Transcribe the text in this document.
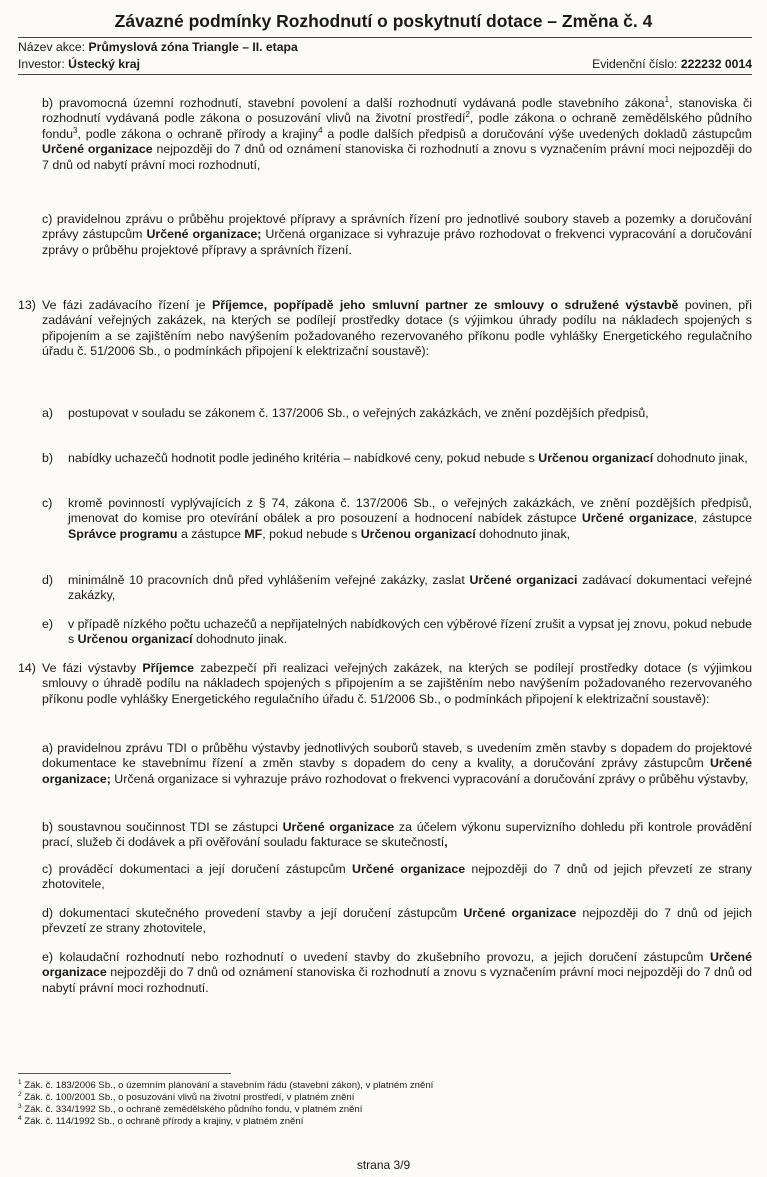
Závazné podmínky Rozhodnutí o poskytnutí dotace – Změna č. 4
Název akce: Průmyslová zóna Triangle – II. etapa
Investor: Ústecký kraj	Evidenční číslo: 222232 0014
b) pravomocná územní rozhodnutí, stavební povolení a další rozhodnutí vydávaná podle stavebního zákona$^1$, stanoviska či rozhodnutí vydávaná podle zákona o posuzování vlivů na životní prostředí$^2$, podle zákona o ochraně zemědělského půdního fondu$^3$, podle zákona o ochraně přírody a krajiny$^4$ a podle dalších předpisů a doručování výše uvedených dokladů zástupcům Určené organizace nejpozději do 7 dnů od oznámení stanoviska či rozhodnutí a znovu s vyznačením právní moci nejpozději do 7 dnů od nabytí právní moci rozhodnutí,
c) pravidelnou zprávu o průběhu projektové přípravy a správních řízení pro jednotlivé soubory staveb a pozemky a doručování zprávy zástupcům Určené organizace; Určená organizace si vyhrazuje právo rozhodovat o frekvenci vypracování a doručování zprávy o průběhu projektové přípravy a správních řízení.
13) Ve fázi zadávacího řízení je Příjemce, popřípadě jeho smluvní partner ze smlouvy o sdružené výstavbě povinen, při zadávání veřejných zakázek, na kterých se podílejí prostředky dotace (s výjimkou úhrady podílu na nákladech spojených s připojením a se zajištěním nebo navýšením požadovaného rezervovaného příkonu podle vyhlášky Energetického regulačního úřadu č. 51/2006 Sb., o podmínkách připojení k elektrizační soustavě):
a) postupovat v souladu se zákonem č. 137/2006 Sb., o veřejných zakázkách, ve znění pozdějších předpisů,
b) nabídky uchazečů hodnotit podle jediného kritéria – nabídkové ceny, pokud nebude s Určenou organizací dohodnuto jinak,
c) kromě povinností vyplývajících z § 74, zákona č. 137/2006 Sb., o veřejných zakázkách, ve znění pozdějších předpisů, jmenovat do komise pro otevírání obálek a pro posouzení a hodnocení nabídek zástupce Určené organizace, zástupce Správce programu a zástupce MF, pokud nebude s Určenou organizací dohodnuto jinak,
d) minimálně 10 pracovních dnů před vyhlášením veřejné zakázky, zaslat Určené organizaci zadávací dokumentaci veřejné zakázky,
e) v případě nízkého počtu uchazečů a nepřijatelných nabídkových cen výběrové řízení zrušit a vypsat jej znovu, pokud nebude s Určenou organizací dohodnuto jinak.
14) Ve fázi výstavby Příjemce zabezpečí při realizaci veřejných zakázek, na kterých se podílejí prostředky dotace (s výjimkou smlouvy o úhradě podílu na nákladech spojených s připojením a se zajištěním nebo navýšením požadovaného rezervovaného příkonu podle vyhlášky Energetického regulačního úřadu č. 51/2006 Sb., o podmínkách připojení k elektrizační soustavě):
a) pravidelnou zprávu TDI o průběhu výstavby jednotlivých souborů staveb, s uvedením změn stavby s dopadem do projektové dokumentace ke stavebnímu řízení a změn stavby s dopadem do ceny a kvality, a doručování zprávy zástupcům Určené organizace; Určená organizace si vyhrazuje právo rozhodovat o frekvenci vypracování a doručování zprávy o průběhu výstavby,
b) soustavnou součinnost TDI se zástupci Určené organizace za účelem výkonu supervizního dohledu při kontrole provádění prací, služeb či dodávek a při ověřování souladu fakturace se skutečností,
c) prováděcí dokumentaci a její doručení zástupcům Určené organizace nejpozději do 7 dnů od jejich převzetí ze strany zhotovitele,
d) dokumentaci skutečného provedení stavby a její doručení zástupcům Určené organizace nejpozději do 7 dnů od jejich převzetí ze strany zhotovitele,
e) kolaudační rozhodnutí nebo rozhodnutí o uvedení stavby do zkušebního provozu, a jejich doručení zástupcům Určené organizace nejpozději do 7 dnů od oznámení stanoviska či rozhodnutí a znovu s vyznačením právní moci nejpozději do 7 dnů od nabytí právní moci rozhodnutí.
$^1$ Zák. č. 183/2006 Sb., o územním plánování a stavebním řádu (stavební zákon), v platném znění
$^2$ Zák. č. 100/2001 Sb., o posuzování vlivů na životní prostředí, v platném znění
$^3$ Zák. č. 334/1992 Sb., o ochraně zemědělského půdního fondu, v platném znění
$^4$ Zák. č. 114/1992 Sb., o ochraně přírody a krajiny, v platném znění
strana 3/9
